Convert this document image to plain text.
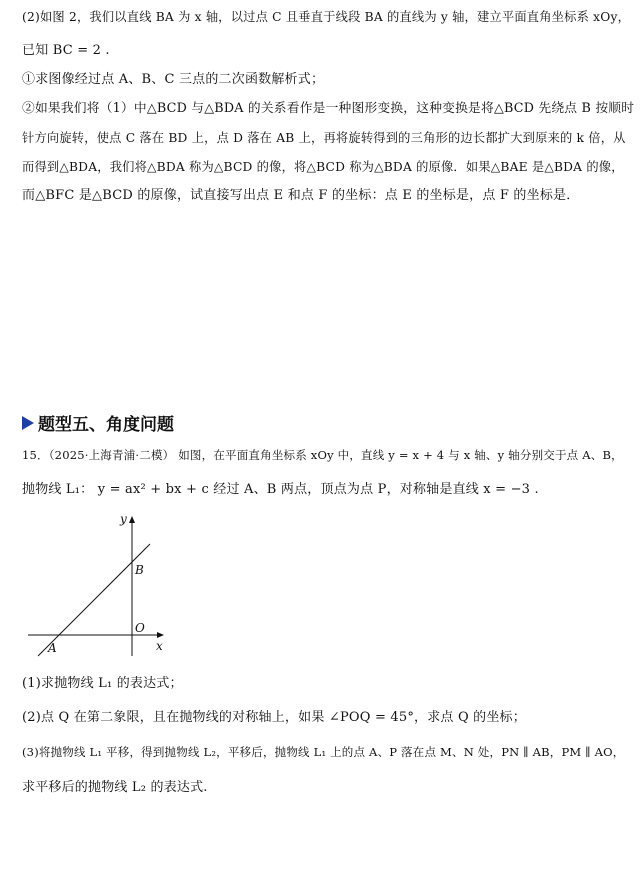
(2)如图 2，我们以直线 BA 为 x 轴，以过点 C 且垂直于线段 BA 的直线为 y 轴，建立平面直角坐标系 xOy，
已知 BC = 2 .
①求图像经过点 A、B、C 三点的二次函数解析式；
②如果我们将（1）中△BCD 与△BDA 的关系看作是一种图形变换，这种变换是将△BCD 先绕点 B 按顺时
针方向旋转，使点 C 落在 BD 上，点 D 落在 AB 上，再将旋转得到的三角形的边长都扩大到原来的 k 倍，从
而得到△BDA，我们将△BDA 称为△BCD 的像，将△BCD 称为△BDA 的原像．如果△BAE 是△BDA 的像，
而△BFC 是△BCD 的原像，试直接写出点 E 和点 F 的坐标：点 E 的坐标是，点 F 的坐标是．
题型五、角度问题
15．（2025·上海青浦·二模） 如图，在平面直角坐标系 xOy 中，直线 y = x + 4 与 x 轴、y 轴分别交于点 A、B，
抛物线 L₁： y = ax² + bx + c 经过 A、B 两点，顶点为点 P，对称轴是直线 x = −3 .
y
x
O
B
A
(1)求抛物线 L₁ 的表达式；
(2)点 Q 在第二象限，且在抛物线的对称轴上，如果 ∠POQ = 45°，求点 Q 的坐标；
(3)将抛物线 L₁ 平移，得到抛物线 L₂，平移后，抛物线 L₁ 上的点 A、P 落在点 M、N 处，PN ∥ AB，PM ∥ AO，
求平移后的抛物线 L₂ 的表达式.
